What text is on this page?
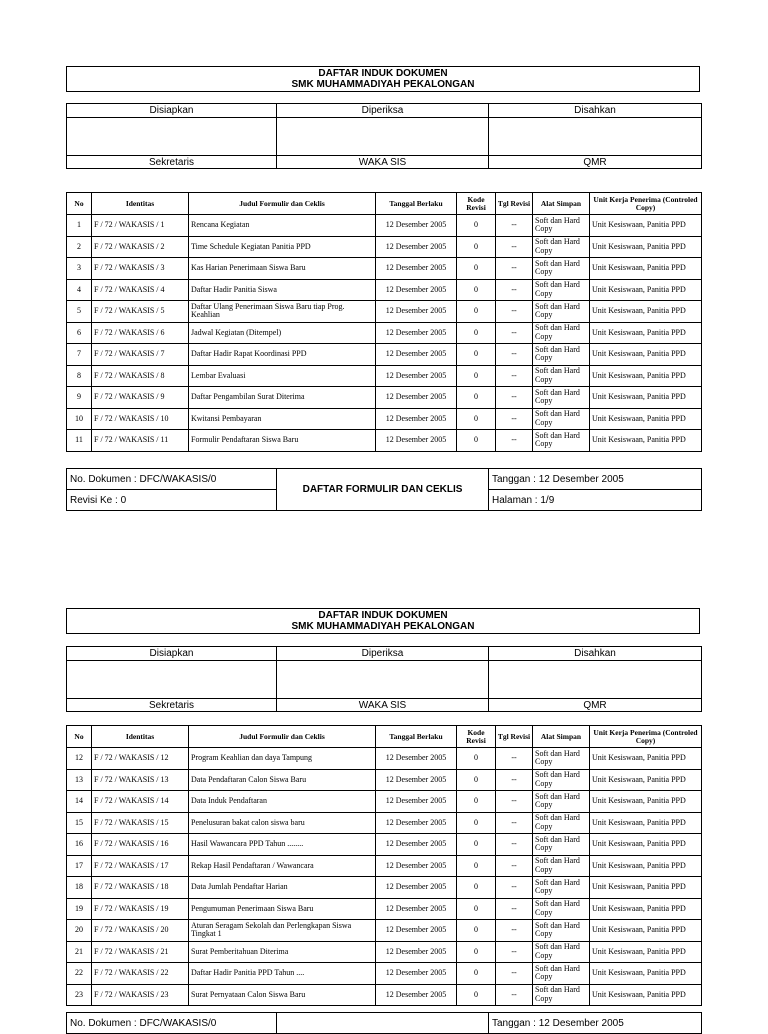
DAFTAR INDUK DOKUMEN
SMK MUHAMMADIYAH PEKALONGAN
Disiapkan	Diperiksa	Disahkan

Sekretaris	WAKA SIS	QMR
No	Identitas	Judul Formulir dan Ceklis	Tanggal Berlaku	Kode Revisi	Tgl Revisi	Alat Simpan	Unit Kerja Penerima (Controled Copy)
1	F / 72 / WAKASIS / 1	Rencana Kegiatan	12 Desember 2005	0	--	Soft dan Hard Copy	Unit Kesiswaan, Panitia PPD
2	F / 72 / WAKASIS / 2	Time Schedule Kegiatan Panitia PPD	12 Desember 2005	0	--	Soft dan Hard Copy	Unit Kesiswaan, Panitia PPD
3	F / 72 / WAKASIS / 3	Kas Harian Penerimaan Siswa Baru	12 Desember 2005	0	--	Soft dan Hard Copy	Unit Kesiswaan, Panitia PPD
4	F / 72 / WAKASIS / 4	Daftar Hadir Panitia Siswa	12 Desember 2005	0	--	Soft dan Hard Copy	Unit Kesiswaan, Panitia PPD
5	F / 72 / WAKASIS / 5	Daftar Ulang Penerimaan Siswa Baru tiap Prog. Keahlian	12 Desember 2005	0	--	Soft dan Hard Copy	Unit Kesiswaan, Panitia PPD
6	F / 72 / WAKASIS / 6	Jadwal Kegiatan (Ditempel)	12 Desember 2005	0	--	Soft dan Hard Copy	Unit Kesiswaan, Panitia PPD
7	F / 72 / WAKASIS / 7	Daftar Hadir Rapat Koordinasi PPD	12 Desember 2005	0	--	Soft dan Hard Copy	Unit Kesiswaan, Panitia PPD
8	F / 72 / WAKASIS / 8	Lembar Evaluasi	12 Desember 2005	0	--	Soft dan Hard Copy	Unit Kesiswaan, Panitia PPD
9	F / 72 / WAKASIS / 9	Daftar Pengambilan Surat Diterima	12 Desember 2005	0	--	Soft dan Hard Copy	Unit Kesiswaan, Panitia PPD
10	F / 72 / WAKASIS / 10	Kwitansi Pembayaran	12 Desember 2005	0	--	Soft dan Hard Copy	Unit Kesiswaan, Panitia PPD
11	F / 72 / WAKASIS / 11	Formulir Pendaftaran Siswa Baru	12 Desember 2005	0	--	Soft dan Hard Copy	Unit Kesiswaan, Panitia PPD
No. Dokumen : DFC/WAKASIS/0	DAFTAR FORMULIR DAN CEKLIS	Tanggan : 12 Desember 2005
Revisi Ke : 0		Halaman : 1/9
DAFTAR INDUK DOKUMEN
SMK MUHAMMADIYAH PEKALONGAN
Disiapkan	Diperiksa	Disahkan

Sekretaris	WAKA SIS	QMR
No	Identitas	Judul Formulir dan Ceklis	Tanggal Berlaku	Kode Revisi	Tgl Revisi	Alat Simpan	Unit Kerja Penerima (Controled Copy)
12	F / 72 / WAKASIS / 12	Program Keahlian dan daya Tampung	12 Desember 2005	0	--	Soft dan Hard Copy	Unit Kesiswaan, Panitia PPD
13	F / 72 / WAKASIS / 13	Data Pendaftaran Calon Siswa Baru	12 Desember 2005	0	--	Soft dan Hard Copy	Unit Kesiswaan, Panitia PPD
14	F / 72 / WAKASIS / 14	Data Induk Pendaftaran	12 Desember 2005	0	--	Soft dan Hard Copy	Unit Kesiswaan, Panitia PPD
15	F / 72 / WAKASIS / 15	Penelusuran bakat calon siswa baru	12 Desember 2005	0	--	Soft dan Hard Copy	Unit Kesiswaan, Panitia PPD
16	F / 72 / WAKASIS / 16	Hasil Wawancara PPD Tahun ........	12 Desember 2005	0	--	Soft dan Hard Copy	Unit Kesiswaan, Panitia PPD
17	F / 72 / WAKASIS / 17	Rekap Hasil Pendaftaran / Wawancara	12 Desember 2005	0	--	Soft dan Hard Copy	Unit Kesiswaan, Panitia PPD
18	F / 72 / WAKASIS / 18	Data Jumlah Pendaftar Harian	12 Desember 2005	0	--	Soft dan Hard Copy	Unit Kesiswaan, Panitia PPD
19	F / 72 / WAKASIS / 19	Pengumuman Penerimaan Siswa Baru	12 Desember 2005	0	--	Soft dan Hard Copy	Unit Kesiswaan, Panitia PPD
20	F / 72 / WAKASIS / 20	Aturan Seragam Sekolah dan Perlengkapan Siswa Tingkat 1	12 Desember 2005	0	--	Soft dan Hard Copy	Unit Kesiswaan, Panitia PPD
21	F / 72 / WAKASIS / 21	Surat Pemberitahuan Diterima	12 Desember 2005	0	--	Soft dan Hard Copy	Unit Kesiswaan, Panitia PPD
22	F / 72 / WAKASIS / 22	Daftar Hadir Panitia PPD Tahun ....	12 Desember 2005	0	--	Soft dan Hard Copy	Unit Kesiswaan, Panitia PPD
23	F / 72 / WAKASIS / 23	Surat Pernyataan Calon Siswa Baru	12 Desember 2005	0	--	Soft dan Hard Copy	Unit Kesiswaan, Panitia PPD
No. Dokumen : DFC/WAKASIS/0		Tanggan : 12 Desember 2005
